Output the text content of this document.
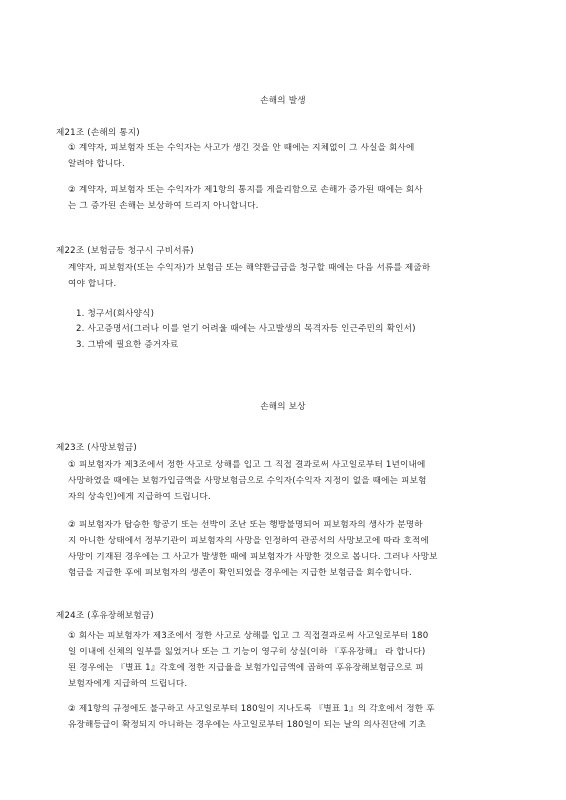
손해의 발생
제21조 (손해의 통지)
① 계약자, 피보험자 또는 수익자는 사고가 생긴 것을 안 때에는 지체없이 그 사실을 회사에
알려야 합니다.
② 계약자, 피보험자 또는 수익자가 제1항의 통지를 게을리함으로 손해가 증가된 때에는 회사
는 그 증가된 손해는 보상하여 드리지 아니합니다.
제22조 (보험금등 청구시 구비서류)
계약자, 피보험자(또는 수익자)가 보험금 또는 해약환급금을 청구할 때에는 다음 서류를 제출하
여야 합니다.
1. 청구서(회사양식)
2. 사고증명서(그러나 이를 얻기 어려울 때에는 사고발생의 목격자등 인근주민의 확인서)
3. 그밖에 필요한 증거자료
손해의 보상
제23조 (사망보험금)
① 피보험자가 제3조에서 정한 사고로 상해를 입고 그 직접 결과로써 사고일로부터 1년이내에
사망하였을 때에는 보험가입금액을 사망보험금으로 수익자(수익자 지정이 없을 때에는 피보험
자의 상속인)에게 지급하여 드립니다.
② 피보험자가 탑승한 항공기 또는 선박이 조난 또는 행방불명되어 피보험자의 생사가 분명하
지 아니한 상태에서 정부기관이 피보험자의 사망을 인정하여 관공서의 사망보고에 따라 호적에
사망이 기재된 경우에는 그 사고가 발생한 때에 피보험자가 사망한 것으로 봅니다. 그러나 사망보
험금을 지급한 후에 피보험자의 생존이 확인되었을 경우에는 지급한 보험금을 회수합니다.
제24조 (후유장해보험금)
① 회사는 피보험자가 제3조에서 정한 사고로 상해를 입고 그 직접결과로써 사고일로부터 180
일 이내에 신체의 일부를 잃었거나 또는 그 기능이 영구히 상실(이하 『후유장해』 라 합니다)
된 경우에는 『별표 1』각호에 정한 지급율을 보험가입금액에 곱하여 후유장해보험금으로 피
보험자에게 지급하여 드립니다.
② 제1항의 규정에도 불구하고 사고일로부터 180일이 지나도록 『별표 1』의 각호에서 정한 후
유장해등급이 확정되지 아니하는 경우에는 사고일로부터 180일이 되는 날의 의사진단에 기초
